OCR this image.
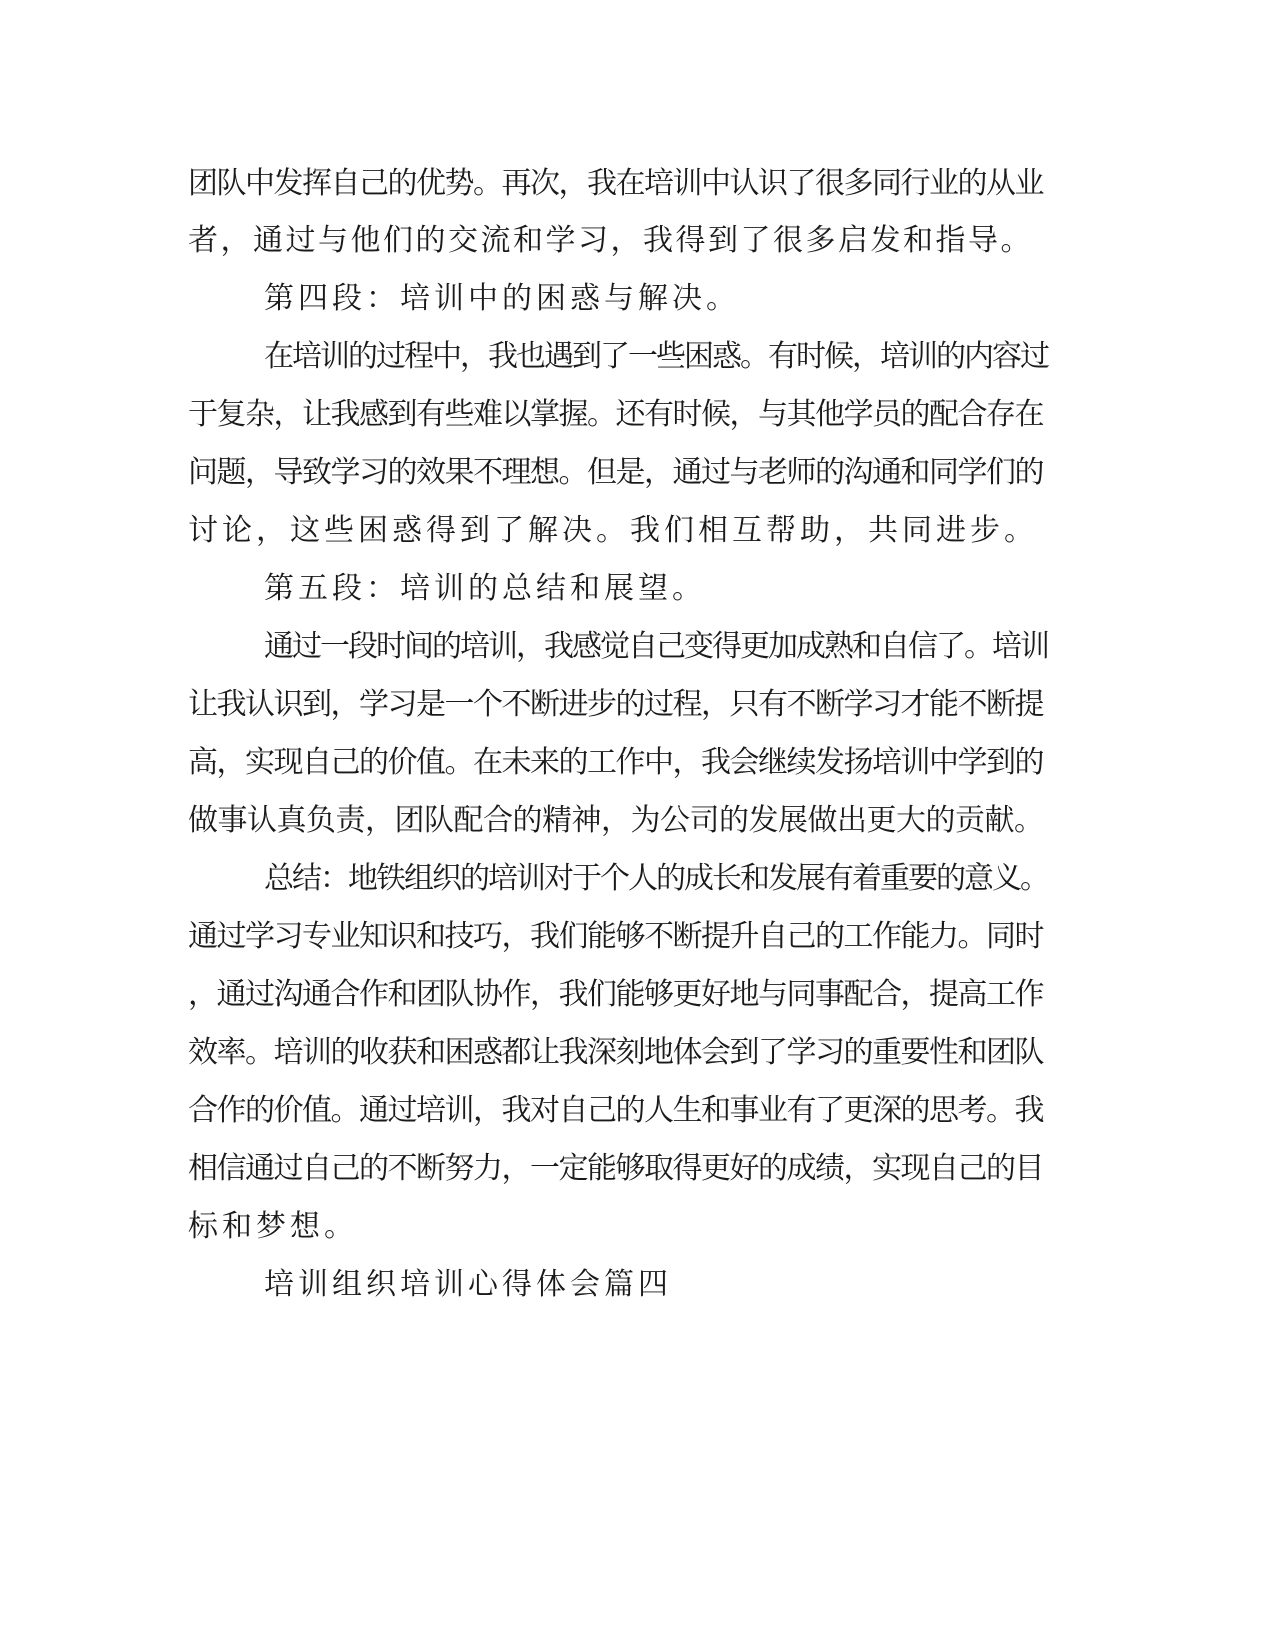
团队中发挥自己的优势。再次，我在培训中认识了很多同行业的从业

者，通过与他们的交流和学习，我得到了很多启发和指导。

第四段：培训中的困惑与解决。

在培训的过程中，我也遇到了一些困惑。有时候，培训的内容过

于复杂，让我感到有些难以掌握。还有时候，与其他学员的配合存在

问题，导致学习的效果不理想。但是，通过与老师的沟通和同学们的

讨论，这些困惑得到了解决。我们相互帮助，共同进步。

第五段：培训的总结和展望。

通过一段时间的培训，我感觉自己变得更加成熟和自信了。培训

让我认识到，学习是一个不断进步的过程，只有不断学习才能不断提

高，实现自己的价值。在未来的工作中，我会继续发扬培训中学到的

做事认真负责，团队配合的精神，为公司的发展做出更大的贡献。

总结：地铁组织的培训对于个人的成长和发展有着重要的意义。

通过学习专业知识和技巧，我们能够不断提升自己的工作能力。同时

，通过沟通合作和团队协作，我们能够更好地与同事配合，提高工作

效率。培训的收获和困惑都让我深刻地体会到了学习的重要性和团队

合作的价值。通过培训，我对自己的人生和事业有了更深的思考。我

相信通过自己的不断努力，一定能够取得更好的成绩，实现自己的目

标和梦想。

培训组织培训心得体会篇四
